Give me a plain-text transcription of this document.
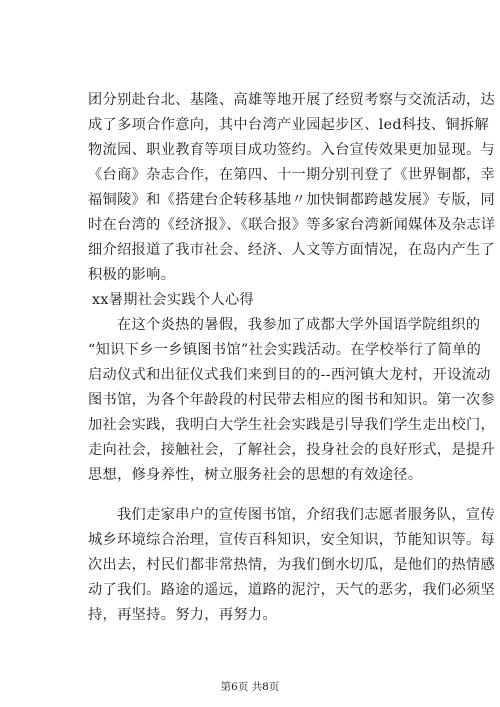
团分别赴台北、基隆、高雄等地开展了经贸考察与交流活动，达
成了多项合作意向，其中台湾产业园起步区、led科技、铜拆解
物流园、职业教育等项目成功签约。入台宣传效果更加显现。与
《台商》杂志合作，在第四、十一期分别刊登了《世界铜都，幸
福铜陵》和《搭建台企转移基地〃加快铜都跨越发展》专版，同
时在台湾的《经济报》、《联合报》等多家台湾新闻媒体及杂志详
细介绍报道了我市社会、经济、人文等方面情况，在岛内产生了
积极的影响。
xx暑期社会实践个人心得
在这个炎热的暑假，我参加了成都大学外国语学院组织的
“知识下乡一乡镇图书馆”社会实践活动。在学校举行了简单的
启动仪式和出征仪式我们来到目的的--西河镇大龙村，开设流动
图书馆，为各个年龄段的村民带去相应的图书和知识。第一次参
加社会实践，我明白大学生社会实践是引导我们学生走出校门，
走向社会，接触社会，了解社会，投身社会的良好形式，是提升
思想，修身养性，树立服务社会的思想的有效途径。
我们走家串户的宣传图书馆，介绍我们志愿者服务队，宣传
城乡环境综合治理，宣传百科知识，安全知识，节能知识等。每
次出去，村民们都非常热情，为我们倒水切瓜，是他们的热情感
动了我们。路途的遥远，道路的泥泞，天气的恶劣，我们必须坚
持，再坚持。努力，再努力。
第6页 共8页
